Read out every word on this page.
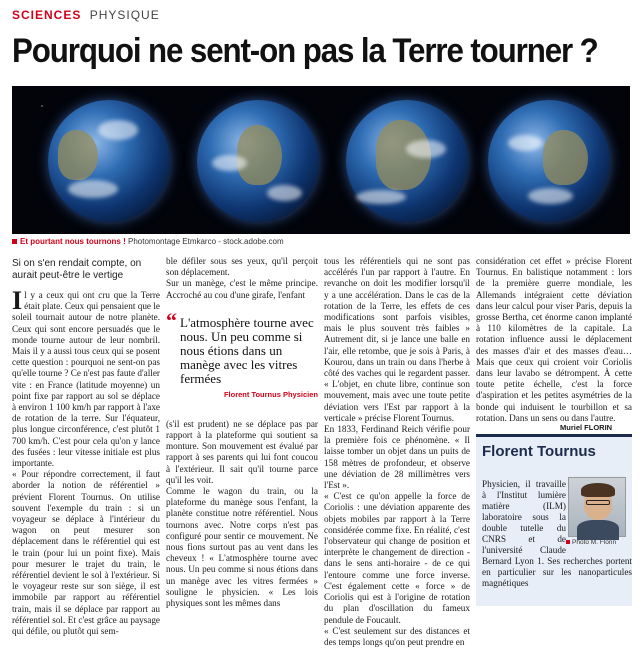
SCIENCES PHYSIQUE
Pourquoi ne sent-on pas la Terre tourner ?
Et pourtant nous tournons ! Photomontage Etmkarco - stock.adobe.com
Si on s'en rendait compte, on aurait peut-être le vertige

Il y a ceux qui ont cru que la Terre était plate. Ceux qui pensaient que le soleil tournait autour de notre planète. Ceux qui sont encore persuadés que le monde tourne autour de leur nombril. Mais il y a aussi tous ceux qui se posent cette question : pourquoi ne sent-on pas qu'elle tourne ? Ce n'est pas faute d'aller vite : en France (latitude moyenne) un point fixe par rapport au sol se déplace à environ 1 100 km/h par rapport à l'axe de rotation de la terre. Sur l'équateur, plus longue circonférence, c'est plutôt 1 700 km/h. C'est pour cela qu'on y lance des fusées : leur vitesse initiale est plus importante.

« Pour répondre correctement, il faut aborder la notion de référentiel » prévient Florent Tournus. On utilise souvent l'exemple du train : si un voyageur se déplace à l'intérieur du wagon on peut mesurer son déplacement dans le référentiel qui est le train (pour lui un point fixe). Mais pour mesurer le trajet du train, le référentiel devient le sol à l'extérieur. Si le voyageur reste sur son siège, il est immobile par rapport au référentiel train, mais il se déplace par rapport au référentiel sol. Et c'est grâce au paysage qui défile, ou plutôt qui sem-

ble défiler sous ses yeux, qu'il perçoit son déplacement.

Sur un manège, c'est le même principe. Accroché au cou d'une girafe, l'enfant

(s'il est prudent) ne se déplace pas par rapport à la plateforme qui soutient sa monture. Son mouvement est évalué par rapport à ses parents qui lui font coucou à l'extérieur. Il sait qu'il tourne parce qu'il les voit.

Comme le wagon du train, ou la plateforme du manège sous l'enfant, la planète constitue notre référentiel. Nous tournons avec. Notre corps n'est pas configuré pour sentir ce mouvement. Ne nous fions surtout pas au vent dans les cheveux ! « L'atmosphère tourne avec nous. Un peu comme si nous étions dans un manège avec les vitres fermées » souligne le physicien. « Les lois physiques sont les mêmes dans

“ L'atmosphère tourne avec nous. Un peu comme si nous étions dans un manège avec les vitres fermées
Florent Tournus Physicien

tous les référentiels qui ne sont pas accélérés l'un par rapport à l'autre. En revanche on doit les modifier lorsqu'il y a une accélération. Dans le cas de la rotation de la Terre, les effets de ces modifications sont parfois visibles, mais le plus souvent très faibles » Autrement dit, si je lance une balle en l'air, elle retombe, que je sois à Paris, à Kourou, dans un train ou dans l'herbe à côté des vaches qui le regardent passer. « L'objet, en chute libre, continue son mouvement, mais avec une toute petite déviation vers l'Est par rapport à la verticale » précise Florent Tournus.

En 1833, Ferdinand Reich vérifie pour la première fois ce phénomène. « Il laisse tomber un objet dans un puits de 158 mètres de profondeur, et observe une déviation de 28 millimètres vers l'Est ».

« C'est ce qu'on appelle la force de Coriolis : une déviation apparente des objets mobiles par rapport à la Terre considérée comme fixe. En réalité, c'est l'observateur qui change de position et interprète le changement de direction - dans le sens anti-horaire - de ce qui l'entoure comme une force inverse. C'est également cette « force » de Coriolis qui est à l'origine de rotation du plan d'oscillation du fameux pendule de Foucault.

« C'est seulement sur des distances et des temps longs qu'on peut prendre en

considération cet effet » précise Florent Tournus. En balistique notamment : lors de la première guerre mondiale, les Allemands intégraient cette déviation dans leur calcul pour viser Paris, depuis la grosse Bertha, cet énorme canon implanté à 110 kilomètres de la capitale. La rotation influence aussi le déplacement des masses d'air et des masses d'eau… Mais que ceux qui croient voir Coriolis dans leur lavabo se détrompent. À cette toute petite échelle, c'est la force d'aspiration et les petites asymétries de la bonde qui induisent le tourbillon et sa rotation. Dans un sens ou dans l'autre.

Muriel FLORIN
Florent Tournus
Photo M. Florin
Physicien, il travaille à l'Institut lumière matière (ILM) laboratoire sous la double tutelle du CNRS et de l'université Claude Bernard Lyon 1. Ses recherches portent en particulier sur les nanoparticules magnétiques
